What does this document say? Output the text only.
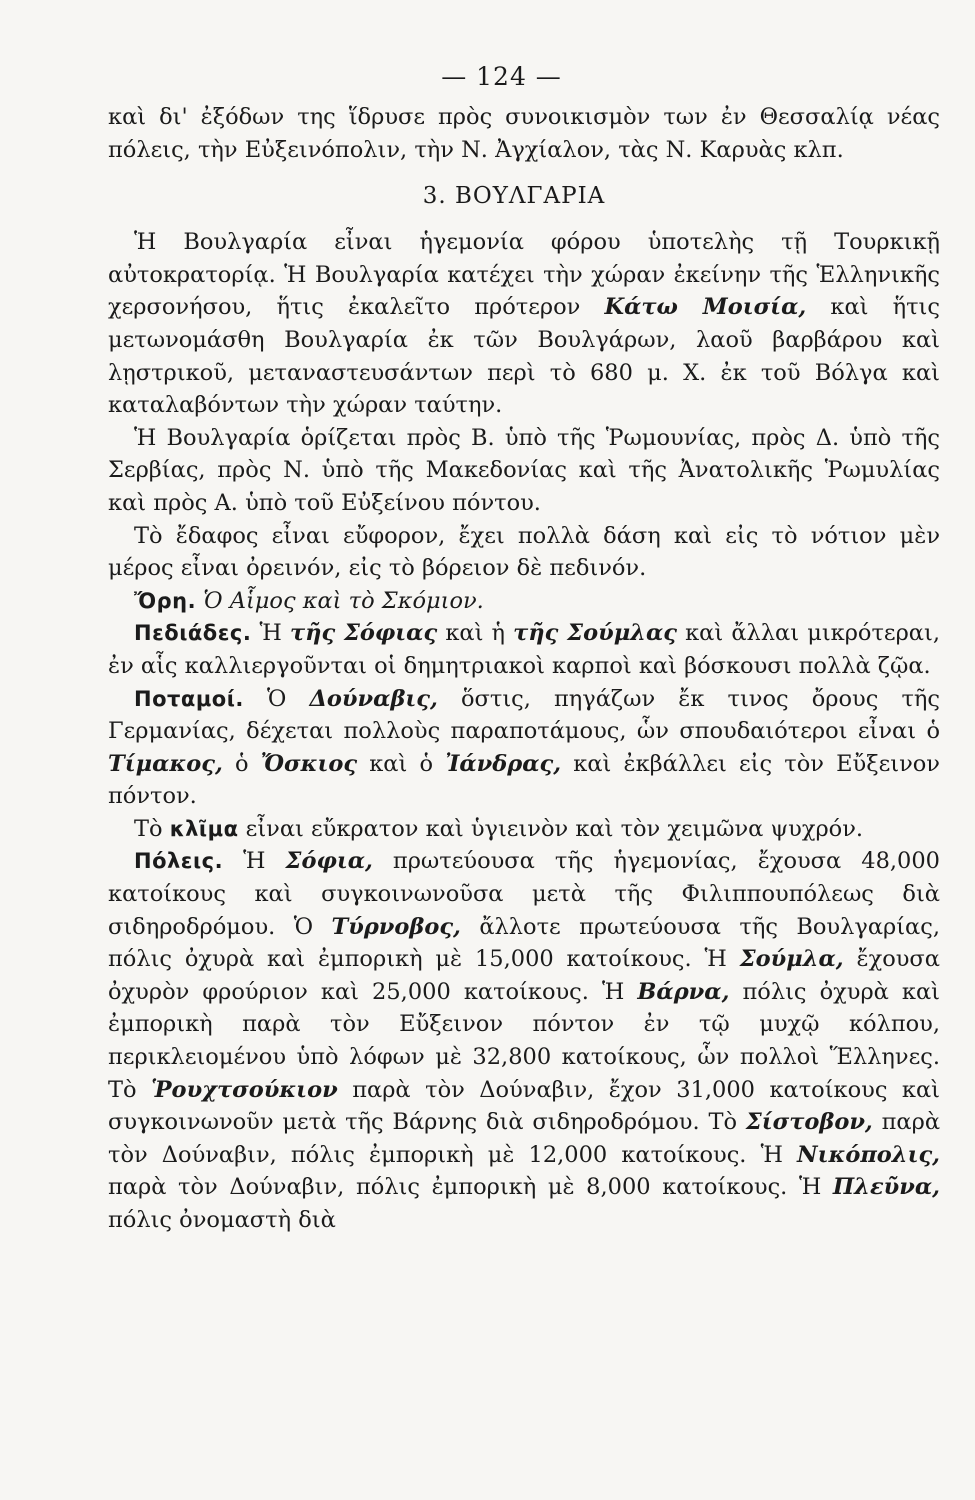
— 124 —

καὶ δι' ἐξόδων της ἵδρυσε πρὸς συνοικισμὸν των ἐν Θεσσαλίᾳ νέας πόλεις, τὴν Εὐξεινόπολιν, τὴν Ν. Ἀγχίαλον, τὰς Ν. Καρυὰς κλπ.

3. ΒΟΥΛΓΑΡΙΑ

Ἡ Βουλγαρία εἶναι ἡγεμονία φόρου ὑποτελὴς τῇ Τουρκικῇ αὐτοκρατορίᾳ. Ἡ Βουλγαρία κατέχει τὴν χώραν ἐκείνην τῆς Ἑλληνικῆς χερσονήσου, ἥτις ἐκαλεῖτο πρότερον Κάτω Μοισία, καὶ ἥτις μετωνομάσθη Βουλγαρία ἐκ τῶν Βουλγάρων, λαοῦ βαρβάρου καὶ λῃστρικοῦ, μεταναστευσάντων περὶ τὸ 680 μ. Χ. ἐκ τοῦ Βόλγα καὶ καταλαβόντων τὴν χώραν ταύτην.

Ἡ Βουλγαρία ὁρίζεται πρὸς Β. ὑπὸ τῆς Ῥωμουνίας, πρὸς Δ. ὑπὸ τῆς Σερβίας, πρὸς Ν. ὑπὸ τῆς Μακεδονίας καὶ τῆς Ἀνατολικῆς Ῥωμυλίας καὶ πρὸς Α. ὑπὸ τοῦ Εὐξείνου πόντου.

Τὸ ἔδαφος εἶναι εὔφορον, ἔχει πολλὰ δάση καὶ εἰς τὸ νότιον μὲν μέρος εἶναι ὀρεινόν, εἰς τὸ βόρειον δὲ πεδινόν.

Ὄρη. Ὁ Αἷμος καὶ τὸ Σκόμιον.

Πεδιάδες. Ἡ τῆς Σόφιας καὶ ἡ τῆς Σούμλας καὶ ἄλλαι μικρότεραι, ἐν αἷς καλλιεργοῦνται οἱ δημητριακοὶ καρποὶ καὶ βόσκουσι πολλὰ ζῷα.

Ποταμοί. Ὁ Δούναβις, ὅστις, πηγάζων ἔκ τινος ὄρους τῆς Γερμανίας, δέχεται πολλοὺς παραποτάμους, ὧν σπουδαιότεροι εἶναι ὁ Τίμακος, ὁ Ὄσκιος καὶ ὁ Ἰάνδρας, καὶ ἐκβάλλει εἰς τὸν Εὔξεινον πόντον.

Τὸ κλῖμα εἶναι εὔκρατον καὶ ὑγιεινὸν καὶ τὸν χειμῶνα ψυχρόν.

Πόλεις. Ἡ Σόφια, πρωτεύουσα τῆς ἡγεμονίας, ἔχουσα 48,000 κατοίκους καὶ συγκοινωνοῦσα μετὰ τῆς Φιλιππουπόλεως διὰ σιδηροδρόμου. Ὁ Τύρνοβος, ἄλλοτε πρωτεύουσα τῆς Βουλγαρίας, πόλις ὀχυρὰ καὶ ἐμπορικὴ μὲ 15,000 κατοίκους. Ἡ Σούμλα, ἔχουσα ὀχυρὸν φρούριον καὶ 25,000 κατοίκους. Ἡ Βάρνα, πόλις ὀχυρὰ καὶ ἐμπορικὴ παρὰ τὸν Εὔξεινον πόντον ἐν τῷ μυχῷ κόλπου, περικλειομένου ὑπὸ λόφων μὲ 32,800 κατοίκους, ὧν πολλοὶ Ἕλληνες. Τὸ Ῥουχτσούκιον παρὰ τὸν Δούναβιν, ἔχον 31,000 κατοίκους καὶ συγκοινωνοῦν μετὰ τῆς Βάρνης διὰ σιδηροδρόμου. Τὸ Σίστοβον, παρὰ τὸν Δούναβιν, πόλις ἐμπορικὴ μὲ 12,000 κατοίκους. Ἡ Νικόπολις, παρὰ τὸν Δούναβιν, πόλις ἐμπορικὴ μὲ 8,000 κατοίκους. Ἡ Πλεῦνα, πόλις ὀνομαστὴ διὰ
